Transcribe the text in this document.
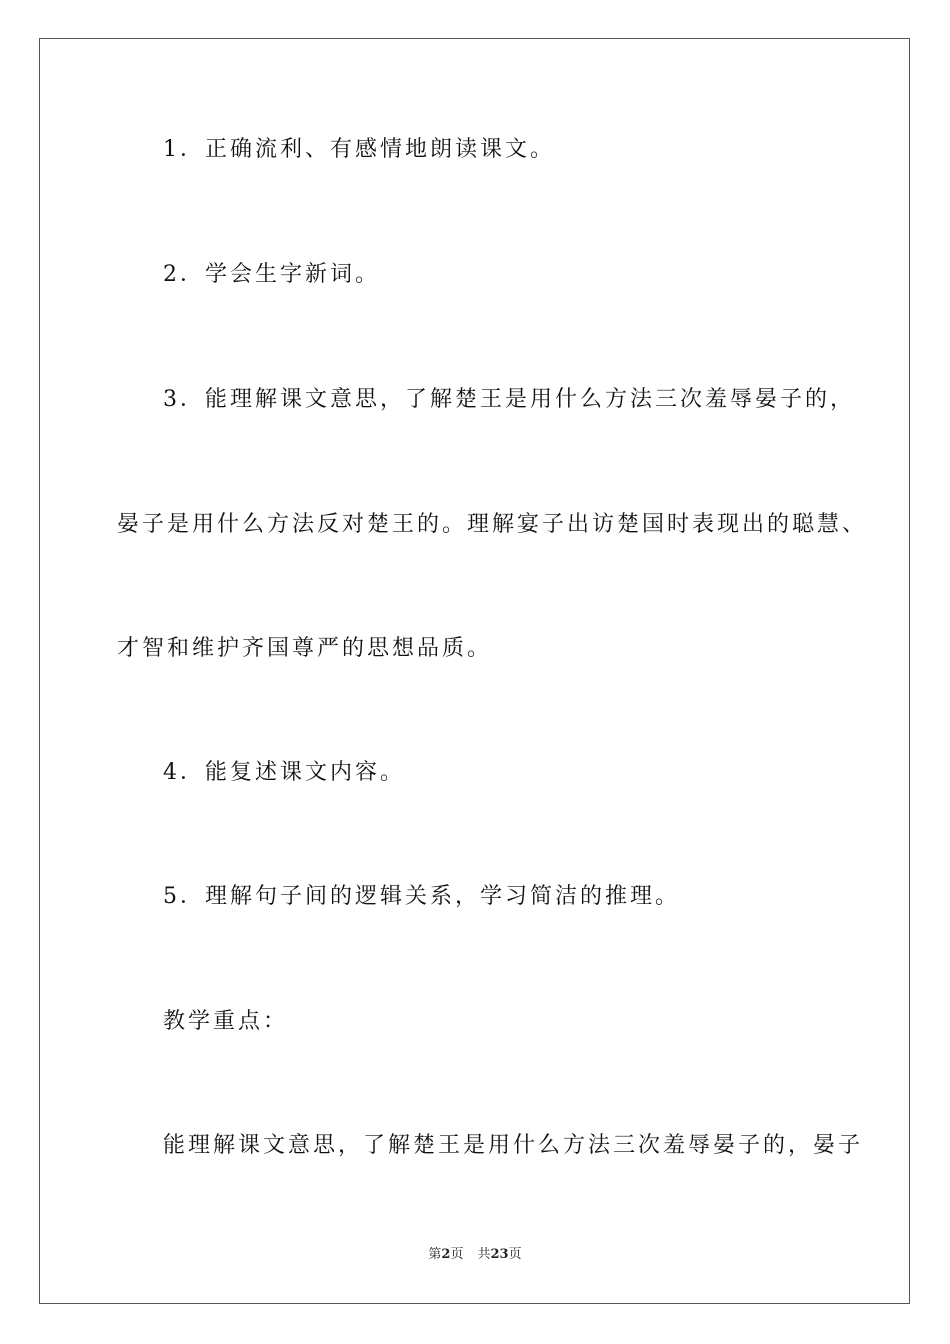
1．正确流利、有感情地朗读课文。
2．学会生字新词。
3．能理解课文意思，了解楚王是用什么方法三次羞辱晏子的，
晏子是用什么方法反对楚王的。理解宴子出访楚国时表现出的聪慧、
才智和维护齐国尊严的思想品质。
4．能复述课文内容。
5．理解句子间的逻辑关系，学习简洁的推理。
教学重点：
能理解课文意思，了解楚王是用什么方法三次羞辱晏子的，晏子
第2页 共23页
